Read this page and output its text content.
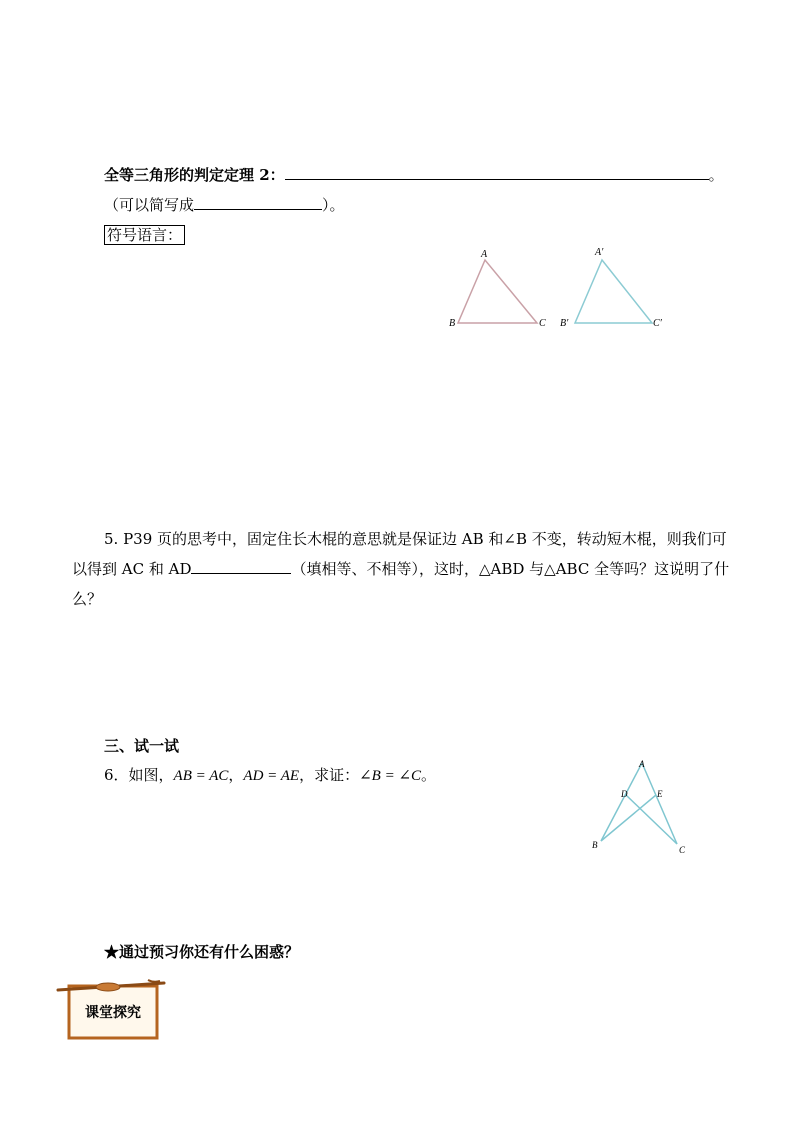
全等三角形的判定定理 2：	。
（可以简写成	）。
符号语言：
A
B	C
A′
B′	C′
5. P39 页的思考中，固定住长木棍的意思就是保证边 AB 和∠B 不变，转动短木棍，则我们可以得到 AC 和 AD	（填相等、不相等），这时，△ABD 与△ABC 全等吗？这说明了什么？
三、试一试
6．如图，AB = AC，AD = AE，求证：∠B = ∠C。
A
B	C
D	E
★通过预习你还有什么困惑？
课堂探究
